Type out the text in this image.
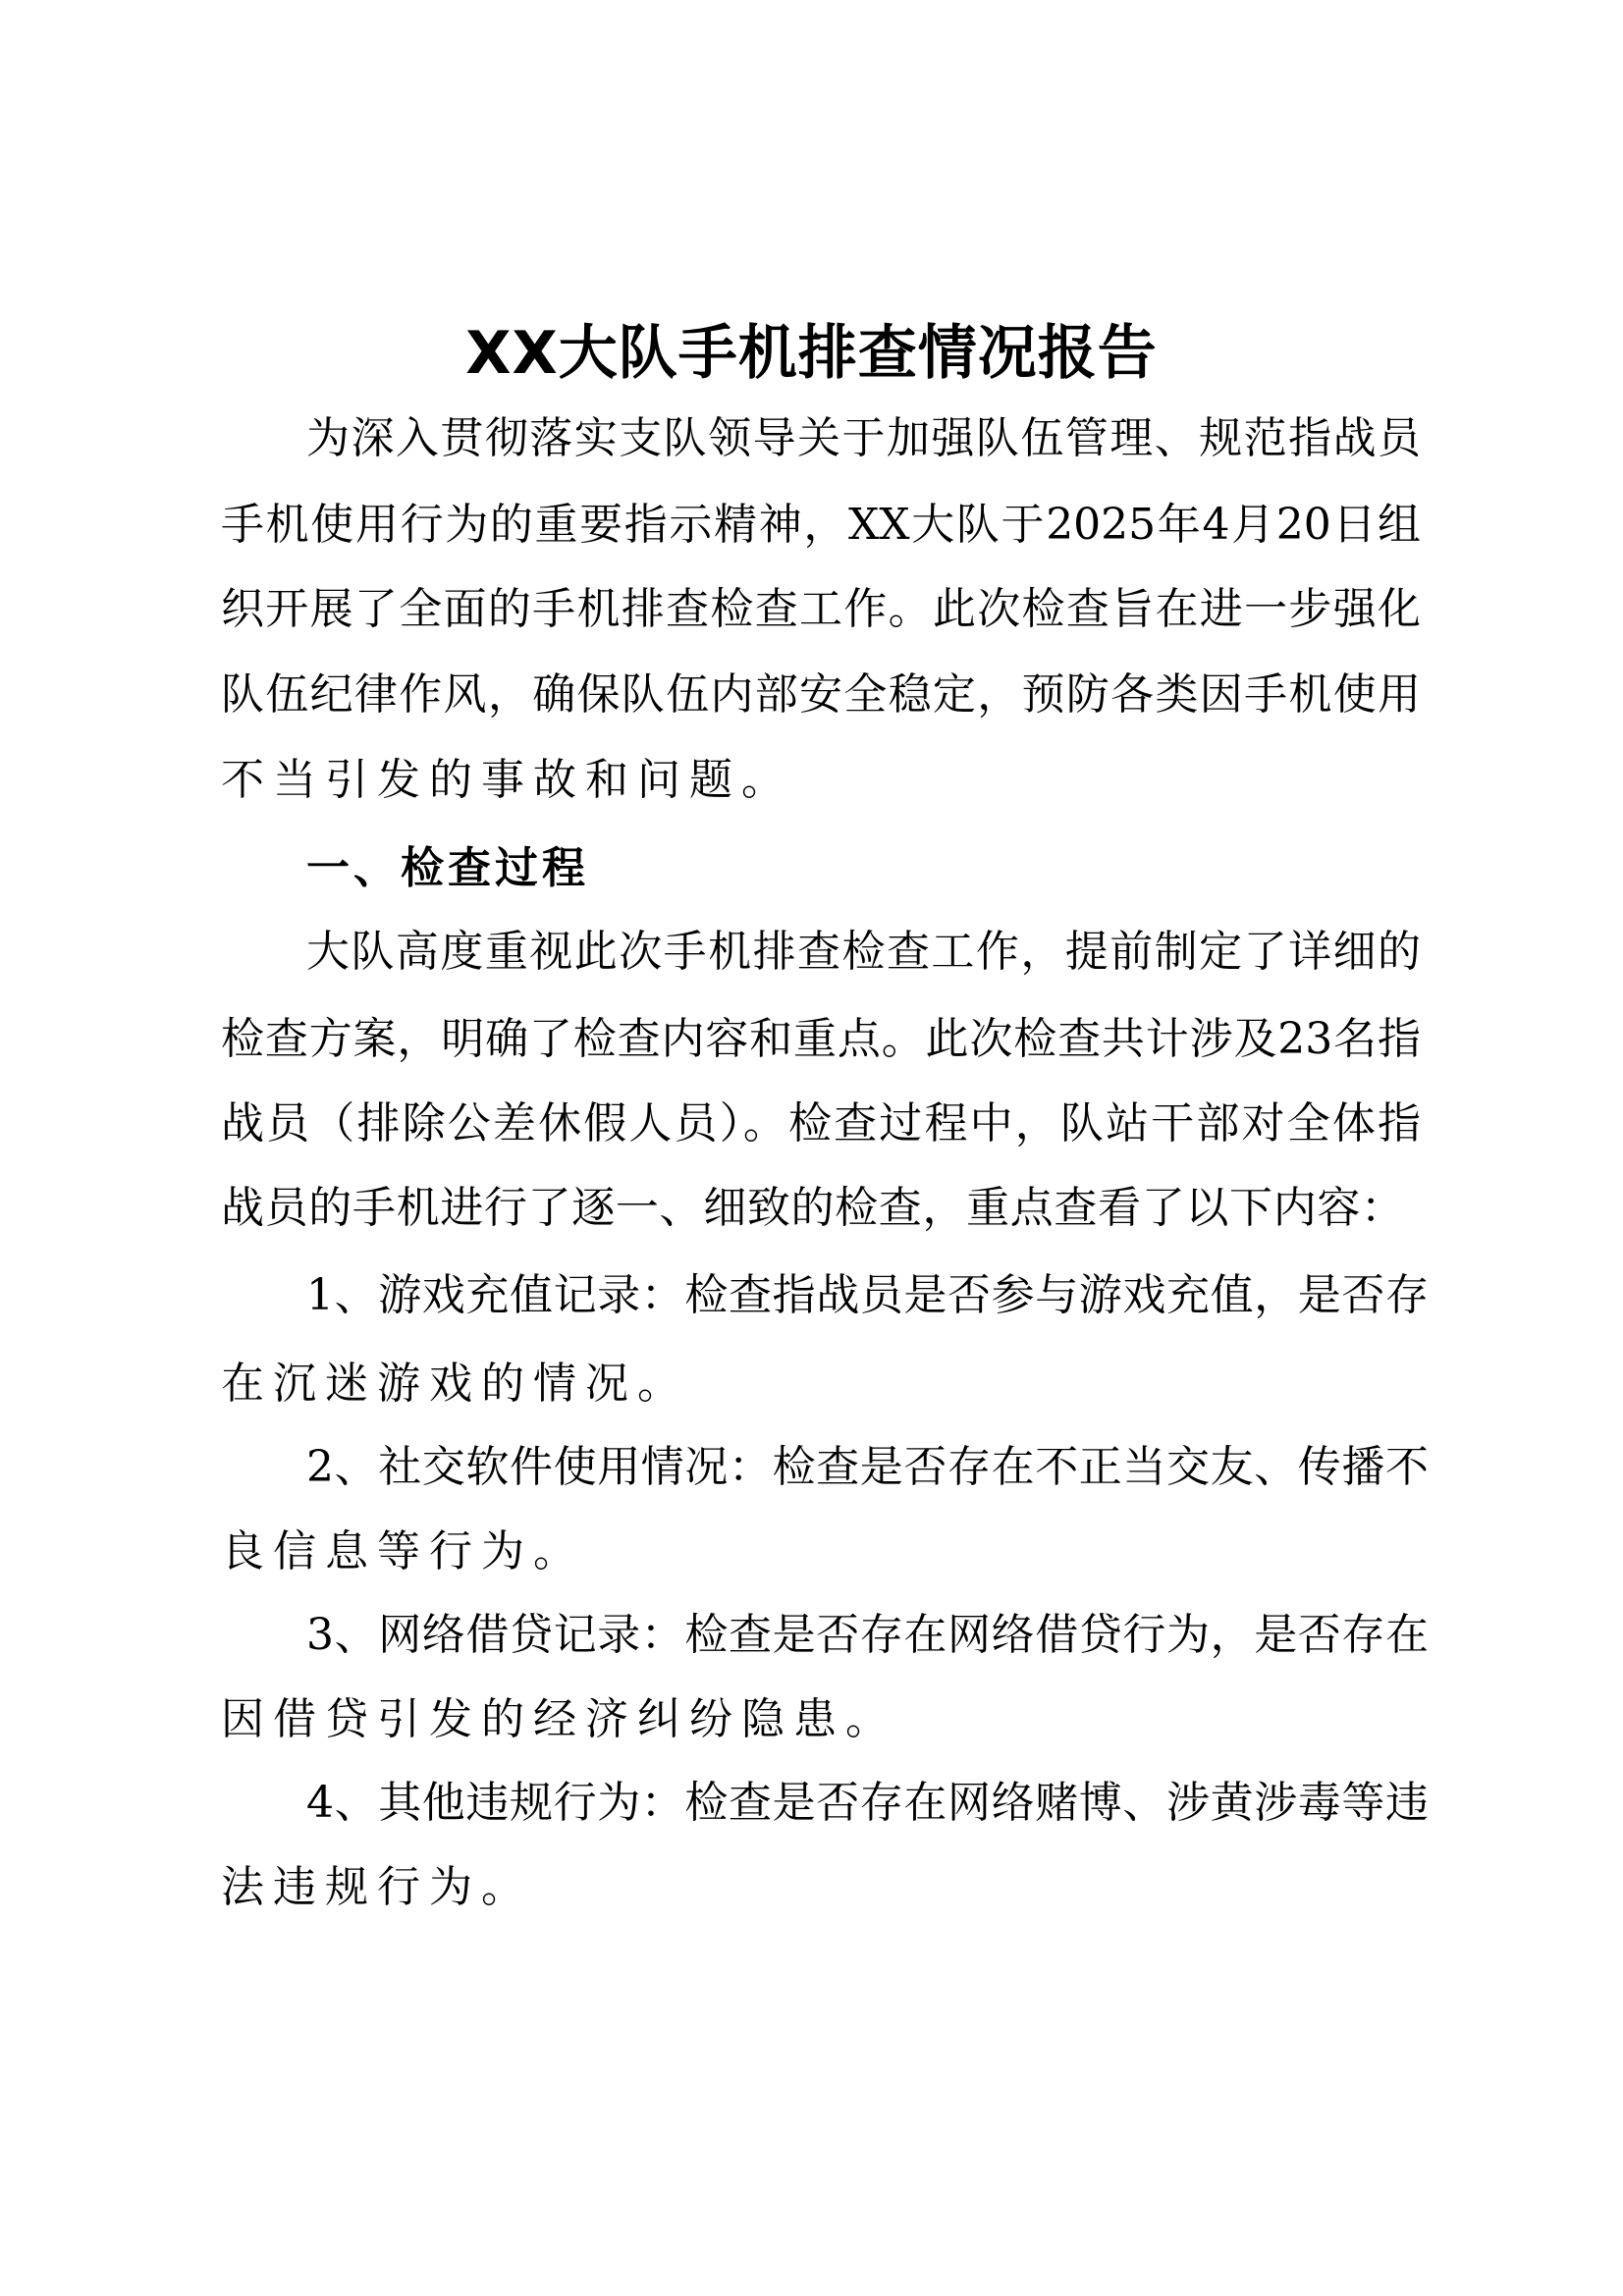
XX大队手机排查情况报告
为深入贯彻落实支队领导关于加强队伍管理、规范指战员
手机使用行为的重要指示精神，XX大队于2025年4月20日组
织开展了全面的手机排查检查工作。此次检查旨在进一步强化
队伍纪律作风，确保队伍内部安全稳定，预防各类因手机使用
不当引发的事故和问题。
一、检查过程
大队高度重视此次手机排查检查工作，提前制定了详细的
检查方案，明确了检查内容和重点。此次检查共计涉及23名指
战员（排除公差休假人员）。检查过程中，队站干部对全体指
战员的手机进行了逐一、细致的检查，重点查看了以下内容：
1、游戏充值记录：检查指战员是否参与游戏充值，是否存
在沉迷游戏的情况。
2、社交软件使用情况：检查是否存在不正当交友、传播不
良信息等行为。
3、网络借贷记录：检查是否存在网络借贷行为，是否存在
因借贷引发的经济纠纷隐患。
4、其他违规行为：检查是否存在网络赌博、涉黄涉毒等违
法违规行为。
